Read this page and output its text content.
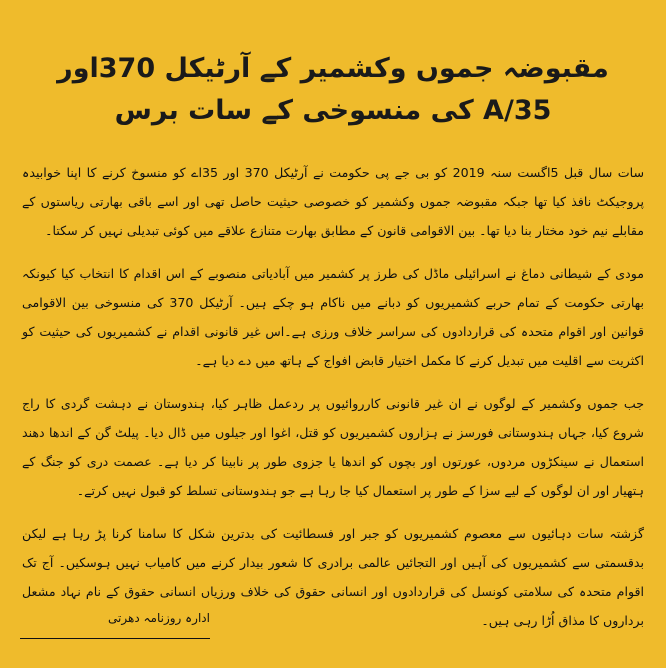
مقبوضہ جموں وکشمیر کے آرٹیکل 370اور 35/A کی منسوخی کے سات برس

سات سال قبل 5اگست سنہ 2019 کو بی جے پی حکومت نے آرٹیکل 370 اور 35اے کو منسوخ کرنے کا اپنا خوابیدہ پروجیکٹ نافذ کیا تھا جبکہ مقبوضہ جموں وکشمیر کو خصوصی حیثیت حاصل تھی اور اسے باقی بھارتی ریاستوں کے مقابلے نیم خود مختار بنا دیا تھا۔ بین الاقوامی قانون کے مطابق بھارت متنازع علاقے میں کوئی تبدیلی نہیں کر سکتا۔

مودی کے شیطانی دماغ نے اسرائیلی ماڈل کی طرز پر کشمیر میں آبادیاتی منصوبے کے اس اقدام کا انتخاب کیا کیونکہ بھارتی حکومت کے تمام حربے کشمیریوں کو دبانے میں ناکام ہو چکے ہیں۔ آرٹیکل 370 کی منسوخی بین الاقوامی قوانین اور اقوام متحدہ کی قراردادوں کی سراسر خلاف ورزی ہے۔اس غیر قانونی اقدام نے کشمیریوں کی حیثیت کو اکثریت سے اقلیت میں تبدیل کرنے کا مکمل اختیار قابض افواج کے ہاتھ میں دے دیا ہے۔

جب جموں وکشمیر کے لوگوں نے ان غیر قانونی کارروائیوں پر ردعمل ظاہر کیا، ہندوستان نے دہشت گردی کا راج شروع کیا، جہاں ہندوستانی فورسز نے ہزاروں کشمیریوں کو قتل، اغوا اور جیلوں میں ڈال دیا۔ پیلٹ گن کے اندھا دھند استعمال نے سینکڑوں مردوں، عورتوں اور بچوں کو اندھا یا جزوی طور پر نابینا کر دیا ہے۔ عصمت دری کو جنگ کے ہتھیار اور ان لوگوں کے لیے سزا کے طور پر استعمال کیا جا رہا ہے جو ہندوستانی تسلط کو قبول نہیں کرتے۔

گزشتہ سات دہائیوں سے معصوم کشمیریوں کو جبر اور فسطائیت کی بدترین شکل کا سامنا کرنا پڑ رہا ہے لیکن بدقسمتی سے کشمیریوں کی آہیں اور التجائیں عالمی برادری کا شعور بیدار کرنے میں کامیاب نہیں ہوسکیں۔ آج تک اقوام متحدہ کی سلامتی کونسل کی قراردادوں اور انسانی حقوق کی خلاف ورزیاں انسانی حقوق کے نام نہاد مشعل برداروں کا مذاق اُڑا رہی ہیں۔

ادارہ روزنامہ دھرتی
